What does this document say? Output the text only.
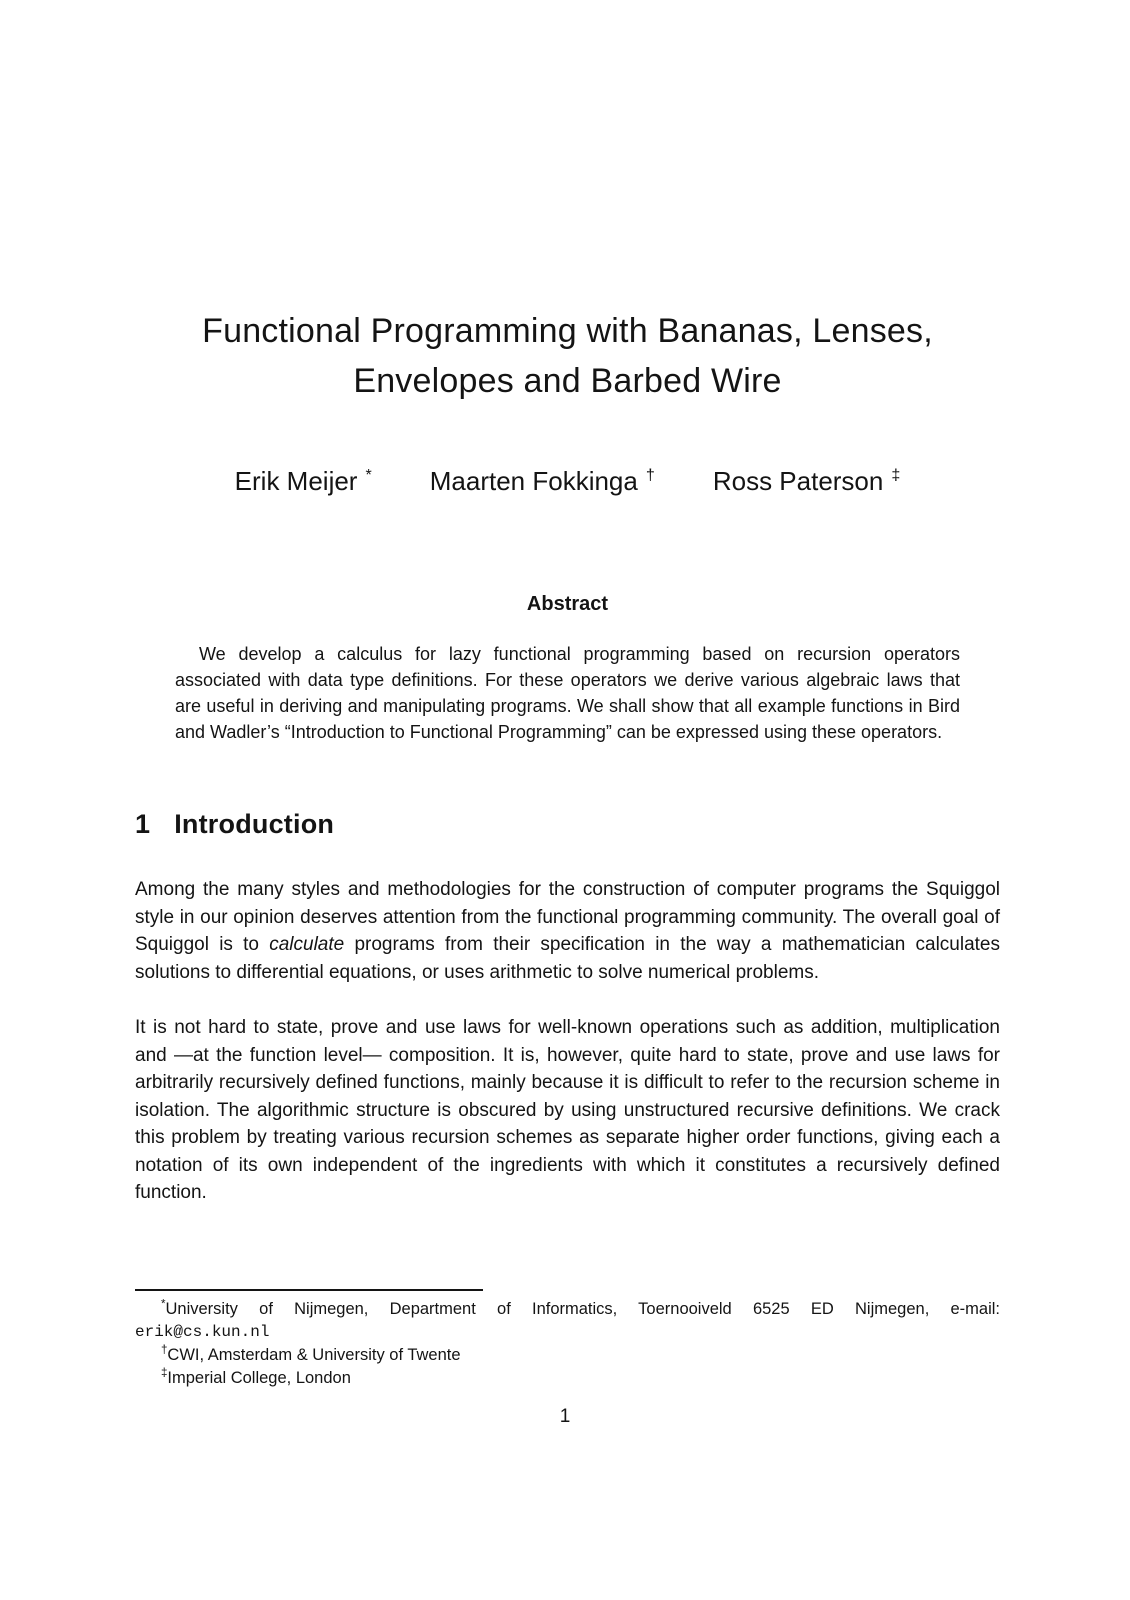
Functional Programming with Bananas, Lenses,
Envelopes and Barbed Wire
Erik Meijer * Maarten Fokkinga † Ross Paterson ‡
Abstract

We develop a calculus for lazy functional programming based on recursion operators associated with data type definitions. For these operators we derive various algebraic laws that are useful in deriving and manipulating programs. We shall show that all example functions in Bird and Wadler’s “Introduction to Functional Programming” can be expressed using these operators.

1 Introduction

Among the many styles and methodologies for the construction of computer programs the Squiggol style in our opinion deserves attention from the functional programming community. The overall goal of Squiggol is to calculate programs from their specification in the way a mathematician calculates solutions to differential equations, or uses arithmetic to solve numerical problems.

It is not hard to state, prove and use laws for well-known operations such as addition, multiplication and —at the function level— composition. It is, however, quite hard to state, prove and use laws for arbitrarily recursively defined functions, mainly because it is difficult to refer to the recursion scheme in isolation. The algorithmic structure is obscured by using unstructured recursive definitions. We crack this problem by treating various recursion schemes as separate higher order functions, giving each a notation of its own independent of the ingredients with which it constitutes a recursively defined function.

*University of Nijmegen, Department of Informatics, Toernooiveld 6525 ED Nijmegen, e-mail:
erik@cs.kun.nl
†CWI, Amsterdam & University of Twente
‡Imperial College, London
1
